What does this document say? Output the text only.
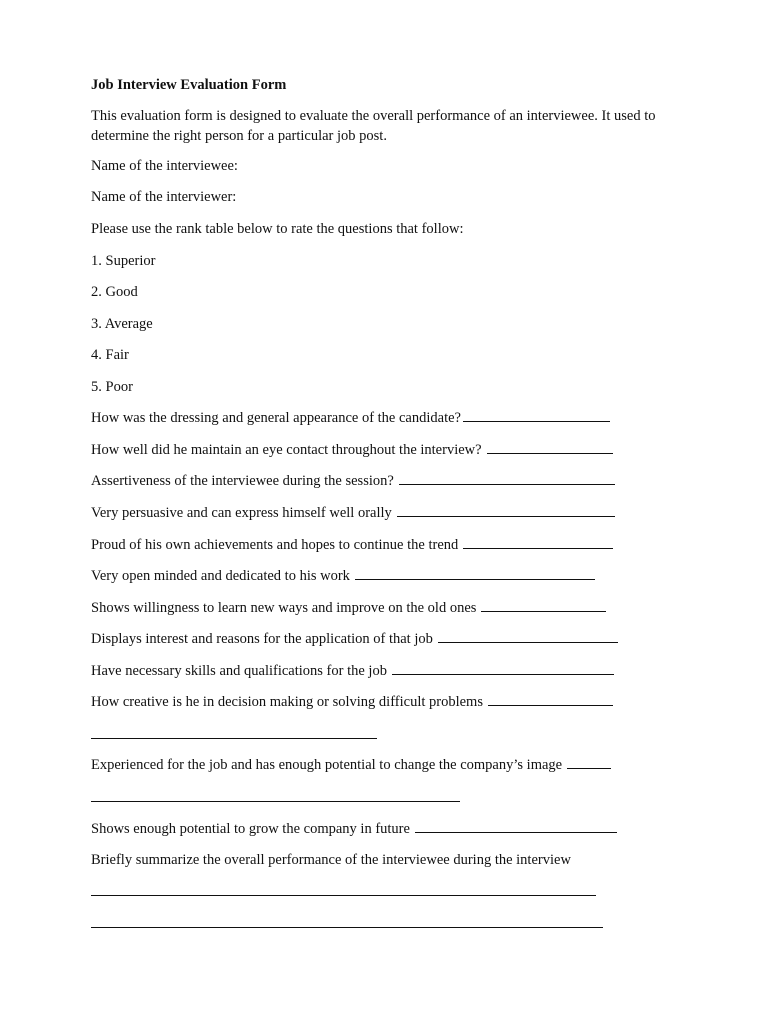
Job Interview Evaluation Form
This evaluation form is designed to evaluate the overall performance of an interviewee. It used to determine the right person for a particular job post.
Name of the interviewee:
Name of the interviewer:
Please use the rank table below to rate the questions that follow:
1. Superior
2. Good
3. Average
4. Fair
5. Poor
How was the dressing and general appearance of the candidate?
How well did he maintain an eye contact throughout the interview?
Assertiveness of the interviewee during the session?
Very persuasive and can express himself well orally
Proud of his own achievements and hopes to continue the trend
Very open minded and dedicated to his work
Shows willingness to learn new ways and improve on the old ones
Displays interest and reasons for the application of that job
Have necessary skills and qualifications for the job
How creative is he in decision making or solving difficult problems
Experienced for the job and has enough potential to change the company’s image
Shows enough potential to grow the company in future
Briefly summarize the overall performance of the interviewee during the interview
